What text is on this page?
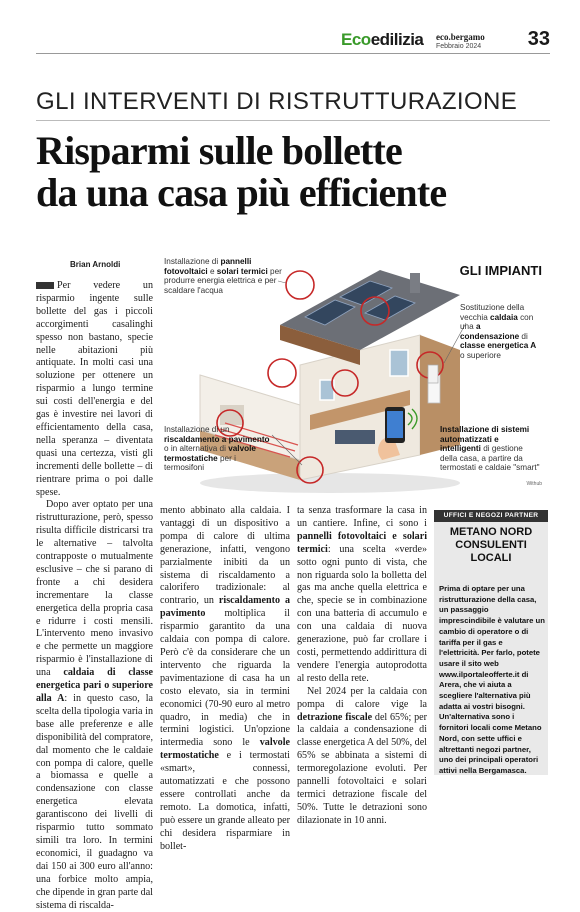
Ecoedilizia eco.bergamo
Febbraio 2024 33
GLI INTERVENTI DI RISTRUTTURAZIONE
Risparmi sulle bollette
da una casa più efficiente
Brian Arnoldi

Per vedere un risparmio ingente sulle bollette del gas i piccoli accorgimenti casalinghi spesso non bastano, specie nelle abitazioni più antiquate. In molti casi una soluzione per ottenere un risparmio a lungo termine sui costi dell'energia e del gas è investire nei lavori di efficientamento della casa, nella speranza – diventata quasi una certezza, visti gli incrementi delle bollette – di rientrare prima o poi dalle spese.

Dopo aver optato per una ristrutturazione, però, spesso risulta difficile districarsi tra le alternative – talvolta contrapposte o mutualmente esclusive – che si parano di fronte a chi desidera incrementare la classe energetica della propria casa e ridurre i costi mensili. L'intervento meno invasivo e che permette un maggiore risparmio è l'installazione di una caldaia di classe energetica pari o superiore alla A: in questo caso, la scelta della tipologia varia in base alle preferenze e alle disponibilità del compratore, dal momento che le caldaie con pompa di calore, quelle a biomassa e quelle a condensazione con classe energetica elevata garantiscono dei livelli di risparmio tutto sommato simili tra loro. In termini economici, il guadagno va dai 150 ai 300 euro all'anno: una forbice molto ampia, che dipende in gran parte dal sistema di riscalda-

GLI IMPIANTI
Installazione di pannelli fotovoltaici e solari termici per produrre energia elettrica e per scaldare l'acqua
Sostituzione della vecchia caldaia con una a condensazione di classe energetica A o superiore
Installazione di un riscaldamento a pavimento o in alternativa di valvole termostatiche per i termosifoni
Installazione di sistemi automatizzati e intelligenti di gestione della casa, a partire da termostati e caldaie "smart"
Withub

mento abbinato alla caldaia. I vantaggi di un dispositivo a pompa di calore di ultima generazione, infatti, vengono parzialmente inibiti da un sistema di riscaldamento a calorifero tradizionale: al contrario, un riscaldamento a pavimento moltiplica il risparmio garantito da una caldaia con pompa di calore. Però c'è da considerare che un intervento che riguarda la pavimentazione di casa ha un costo elevato, sia in termini economici (70-90 euro al metro quadro, in media) che in termini logistici. Un'opzione intermedia sono le valvole termostatiche e i termostati «smart», connessi, automatizzati e che possono essere controllati anche da remoto. La domotica, infatti, può essere un grande alleato per chi desidera risparmiare in bollet-

ta senza trasformare la casa in un cantiere. Infine, ci sono i pannelli fotovoltaici e solari termici: una scelta «verde» sotto ogni punto di vista, che non riguarda solo la bolletta del gas ma anche quella elettrica e che, specie se in combinazione con una batteria di accumulo e con una caldaia di nuova generazione, può far crollare i costi, permettendo addirittura di vendere l'energia autoprodotta al resto della rete.

Nel 2024 per la caldaia con pompa di calore vige la detrazione fiscale del 65%; per la caldaia a condensazione di classe energetica A del 50%, del 65% se abbinata a sistemi di termoregolazione evoluti. Per pannelli fotovoltaici e solari termici detrazione fiscale del 50%. Tutte le detrazioni sono dilazionate in 10 anni.

UFFICI E NEGOZI PARTNER
METANO NORD CONSULENTI LOCALI
Prima di optare per una ristrutturazione della casa, un passaggio imprescindibile è valutare un cambio di operatore o di tariffa per il gas e l'elettricità. Per farlo, potete usare il sito web www.ilportaleofferte.it di Arera, che vi aiuta a scegliere l'alternativa più adatta ai vostri bisogni. Un'alternativa sono i fornitori locali come Metano Nord, con sette uffici e altrettanti negozi partner, uno dei principali operatori attivi nella Bergamasca.
